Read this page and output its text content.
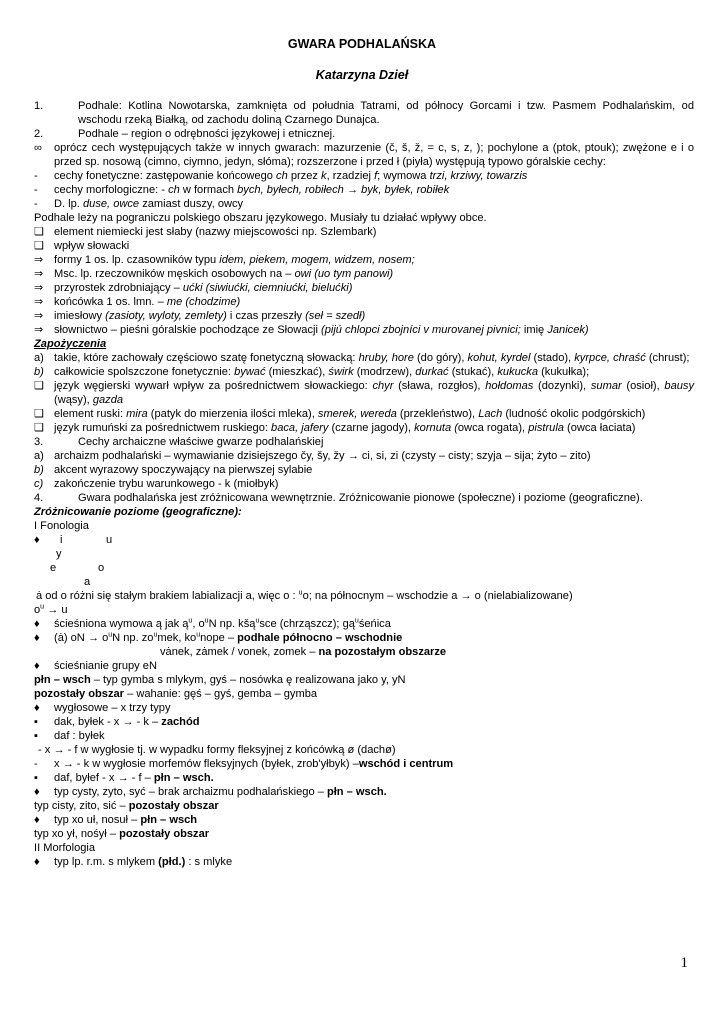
GWARA PODHALAŃSKA
Katarzyna Dzieł
1.	Podhale: Kotlina Nowotarska, zamknięta od południa Tatrami, od północy Gorcami i tzw. Pasmem Podhalańskim, od wschodu rzeką Białką, od zachodu doliną Czarnego Dunajca.
2.	Podhale – region o odrębności językowej i etnicznej.
∞	oprócz cech występujących także w innych gwarach: mazurzenie (č, š, ž, = c, s, z, ); pochylone a (ptok, ptouk); zwężone e i o przed sp. nosową (cimno, ciymno, jedyn, słóma); rozszerzone i przed ł (piyła) występują typowo góralskie cechy:
-	cechy fonetyczne: zastępowanie końcowego ch przez k, rzadziej f; wymowa trzi, krziwy, towarzis
-	cechy morfologiczne: - ch w formach bych, byłech, robiłech → byk, byłek, robiłek
-	D. lp. duse, owce zamiast duszy, owcy
Podhale leży na pograniczu polskiego obszaru językowego. Musiały tu działać wpływy obce.
❑ element niemiecki jest słaby (nazwy miejscowości np. Szlembark)
❑ wpływ słowacki
⇒ formy 1 os. lp. czasowników typu idem, piekem, mogem, widzem, nosem;
⇒ Msc. lp. rzeczowników męskich osobowych na – owi (uo tym panowi)
⇒ przyrostek zdrobniający – ućki (siwiućki, ciemniućki, bielućki)
⇒ końcówka 1 os. lmn. – me (chodzime)
⇒ imiesłowy (zasioty, wyloty, zemlety) i czas przeszły (seł = szedł)
⇒ słownictwo – pieśni góralskie pochodzące ze Słowacji (pijú chlopci zbojníci v murovanej pivnici; imię Janicek)
Zapożyczenia
a) takie, które zachowały częściowo szatę fonetyczną słowacką: hruby, hore (do góry), kohut, kyrdel (stado), kyrpce, chraść (chrust);
b) całkowicie spolszczone fonetycznie: bywać (mieszkać), świrk (modrzew), durkać (stukać), kukucka (kukułka);
❑ język węgierski wywarł wpływ za pośrednictwem słowackiego: chyr (sława, rozgłos), hołdomas (dozynki), sumar (osioł), bausy (wąsy), gazda
❑ element ruski: mira (patyk do mierzenia ilości mleka), smerek, wereda (przekleństwo), Lach (ludność okolic podgórskich)
❑ język rumuński za pośrednictwem ruskiego: baca, jafery (czarne jagody), kornuta (owca rogata), pistrula (owca łaciata)
3.	Cechy archaiczne właściwe gwarze podhalańskiej
a) archaizm podhalański – wymawianie dzisiejszego čy, šy, žy → ci, si, zi (czysty – cisty; szyja – sija; żyto – zito)
b) akcent wyrazowy spoczywający na pierwszej sylabie
c) zakończenie trybu warunkowego - k (miołbyk)
4.	Gwara podhalańska jest zróżnicowana wewnętrznie. Zróżnicowanie pionowe (społeczne) i poziome (geograficzne).
Zróżnicowanie poziome (geograficzne):
I Fonologia
♦ i	u
y
e	o
a
ȧ od o różni się stałym brakiem labializacji a, więc o : $^u$o; na północnym – wschodzie a → o (nielabializowane)
$o^u \to u$
♦	ścieśniona wymowa ą jak $ą^u$, $o^uN$ np. kšą$^u$sce (chrząszcz); $gą^uśeńica$
♦	(ȧ) oN → $o^uN$ np. $zo^umek$, $ko^unope$ – podhale północno – wschodnie
vȧnek, zȧmek / vonek, zomek – na pozostałym obszarze
♦	ścieśnianie grupy eN
płn – wsch – typ gymba s mlykym, gyś – nosówka ę realizowana jako y, yN
pozostały obszar – wahanie: gęś – gyś, gemba – gymba
♦	wygłosowe – x trzy typy
▪	dak, byłek - x → - k – zachód
▪	daf : byłek
- x → - f w wygłosie tj. w wypadku formy fleksyjnej z końcówką ø (dachø)
-	x → - k w wygłosie morfemów fleksyjnych (byłek, zrob'yłbyk) –wschód i centrum
▪	daf, byłef - x → - f – płn – wsch.
♦	typ cysty, zyto, syć – brak archaizmu podhalańskiego – płn – wsch.
typ cisty, zito, sić – pozostały obszar
♦	typ xo uł, nosuł – płn – wsch
typ xo ył, nośył – pozostały obszar
II Morfologia
♦	typ lp. r.m. s mlykem (płd.) : s mlyke
1
